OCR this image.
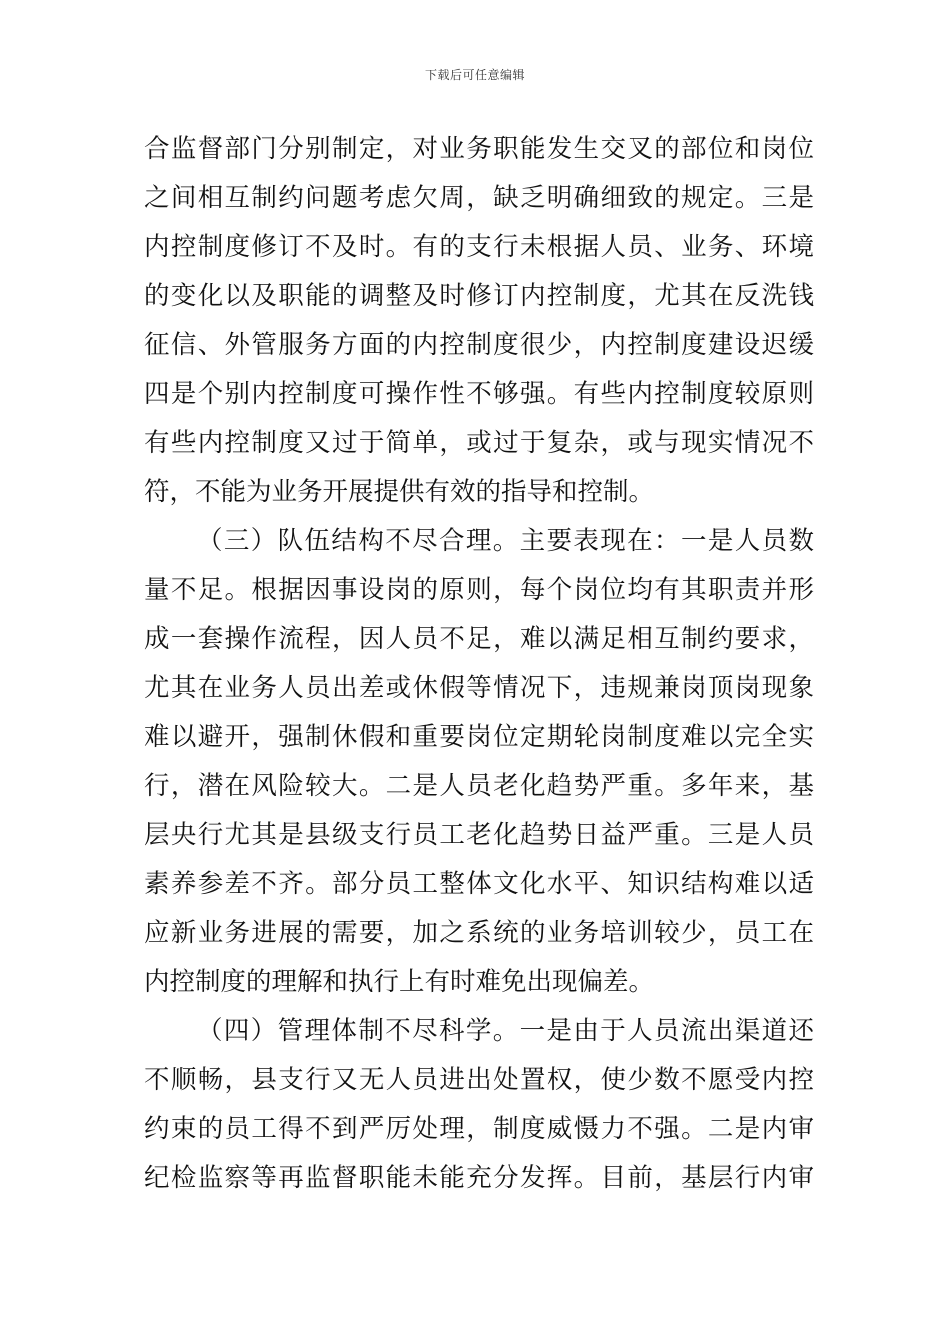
下载后可任意编辑
合监督部门分别制定，对业务职能发生交叉的部位和岗位
之间相互制约问题考虑欠周，缺乏明确细致的规定。三是
内控制度修订不及时。有的支行未根据人员、业务、环境
的变化以及职能的调整及时修订内控制度，尤其在反洗钱
征信、外管服务方面的内控制度很少，内控制度建设迟缓
四是个别内控制度可操作性不够强。有些内控制度较原则
有些内控制度又过于简单，或过于复杂，或与现实情况不
符，不能为业务开展提供有效的指导和控制。
（三）队伍结构不尽合理。主要表现在：一是人员数
量不足。根据因事设岗的原则，每个岗位均有其职责并形
成一套操作流程，因人员不足，难以满足相互制约要求，
尤其在业务人员出差或休假等情况下，违规兼岗顶岗现象
难以避开，强制休假和重要岗位定期轮岗制度难以完全实
行，潜在风险较大。二是人员老化趋势严重。多年来，基
层央行尤其是县级支行员工老化趋势日益严重。三是人员
素养参差不齐。部分员工整体文化水平、知识结构难以适
应新业务进展的需要，加之系统的业务培训较少，员工在
内控制度的理解和执行上有时难免出现偏差。
（四）管理体制不尽科学。一是由于人员流出渠道还
不顺畅，县支行又无人员进出处置权，使少数不愿受内控
约束的员工得不到严厉处理，制度威慑力不强。二是内审
纪检监察等再监督职能未能充分发挥。目前，基层行内审
